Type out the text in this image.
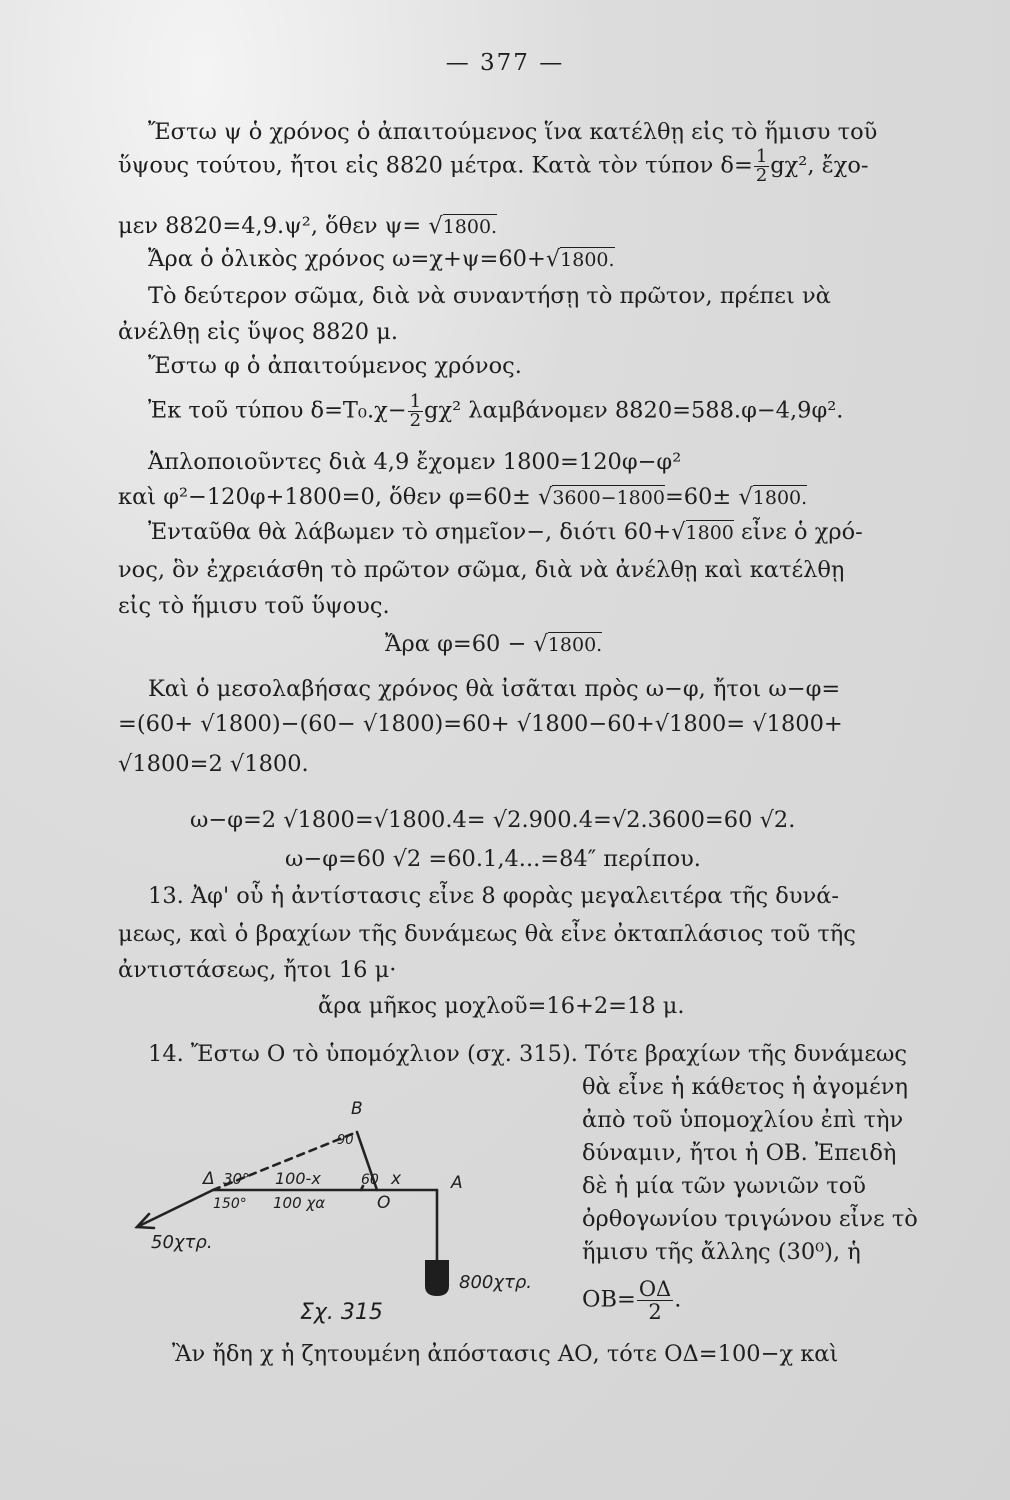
— 377 —
Ἔστω ψ ὁ χρόνος ὁ ἀπαιτούμενος ἵνα κατέλθῃ εἰς τὸ ἥμισυ τοῦ
ὕψους τούτου, ἤτοι εἰς 8820 μέτρα. Κατὰ τὸν τύπον $\delta= \frac{1}{2} g\chi^2$, ἔχο-
μεν 8820=4,9.ψ², ὅθεν ψ= √1800.
Ἄρα ὁ ὁλικὸς χρόνος ω=χ+ψ=60+√1800.
Τὸ δεύτερον σῶμα, διὰ νὰ συναντήσῃ τὸ πρῶτον, πρέπει νὰ
ἀνέλθῃ εἰς ὕψος 8820 μ.
Ἔστω φ ὁ ἀπαιτούμενος χρόνος.
Ἐκ τοῦ τύπου $\delta=T_0.\chi- \frac{1}{2} g\chi^2$ λαμβάνομεν 8820=588.φ−4,9φ².
Ἁπλοποιοῦντες διὰ 4,9 ἔχομεν 1800=120φ−φ²
καὶ φ²−120φ+1800=0, ὅθεν φ=60± √3600−1800=60± √1800.
Ἐνταῦθα θὰ λάβωμεν τὸ σημεῖον−, διότι 60+√1800 εἶνε ὁ χρό-
νος, ὃν ἐχρειάσθη τὸ πρῶτον σῶμα, διὰ νὰ ἀνέλθῃ καὶ κατέλθῃ
εἰς τὸ ἥμισυ τοῦ ὕψους.
Ἄρα φ=60 − √1800.
Καὶ ὁ μεσολαβήσας χρόνος θὰ ἰσᾶται πρὸς ω−φ, ἤτοι ω−φ=
=(60+ √1800)−(60− √1800)=60+ √1800−60+√1800= √1800+
√1800=2 √1800.
ω−φ=2 √1800=√1800.4= √2.900.4=√2.3600=60 √2.
ω−φ=60 √2 =60.1,4...=84″ περίπου.
13. Ἀφ' οὗ ἡ ἀντίστασις εἶνε 8 φορὰς μεγαλειτέρα τῆς δυνά-
μεως, καὶ ὁ βραχίων τῆς δυνάμεως θὰ εἶνε ὀκταπλάσιος τοῦ τῆς
ἀντιστάσεως, ἤτοι 16 μ·
ἄρα μῆκος μοχλοῦ=16+2=18 μ.
14. Ἔστω Ο τὸ ὑπομόχλιον (σχ. 315). Τότε βραχίων τῆς δυνάμεως
θὰ εἶνε ἡ κάθετος ἡ ἀγομένη
ἀπὸ τοῦ ὑπομοχλίου ἐπὶ τὴν
δύναμιν, ἤτοι ἡ ΟΒ. Ἐπειδὴ
δὲ ἡ μία τῶν γωνιῶν τοῦ
ὀρθογωνίου τριγώνου εἶνε τὸ
ἥμισυ τῆς ἄλλης (30⁰), ἡ
$OB= \frac{O\Delta}{2}$ .
B
90
Δ 30° 100-x	60 x	A
150° 100 χα	O
50χτρ.
800χτρ.
Σχ. 315
Ἂν ἤδη χ ἡ ζητουμένη ἀπόστασις ΑΟ, τότε ΟΔ=100−χ καὶ
